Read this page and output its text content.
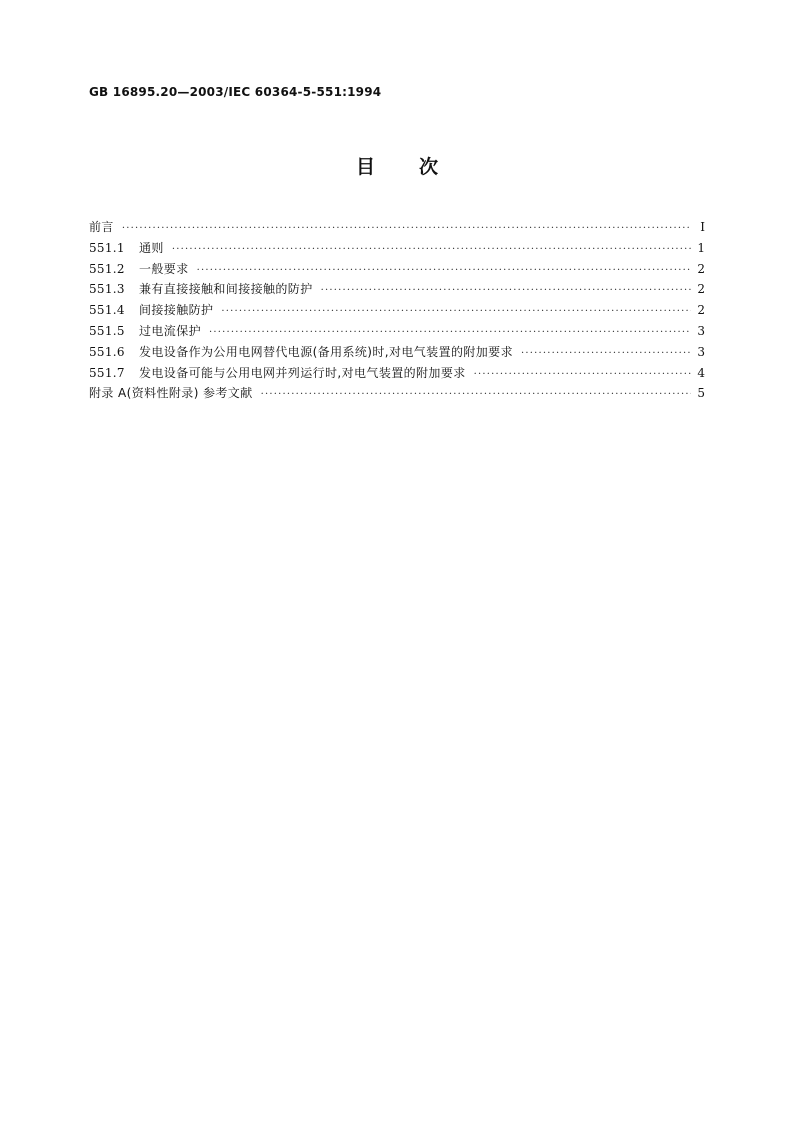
GB 16895.20—2003/IEC 60364-5-551:1994
目 次
前言 ·····	I
551.1	通则 ·····	1
551.2	一般要求 ·····	2
551.3	兼有直接接触和间接接触的防护 ·····	2
551.4	间接接触防护 ·····	2
551.5	过电流保护 ·····	3
551.6	发电设备作为公用电网替代电源(备用系统)时,对电气装置的附加要求 ·····	3
551.7	发电设备可能与公用电网并列运行时,对电气装置的附加要求 ·····	4
附录 A(资料性附录) 参考文献 ·····	5
